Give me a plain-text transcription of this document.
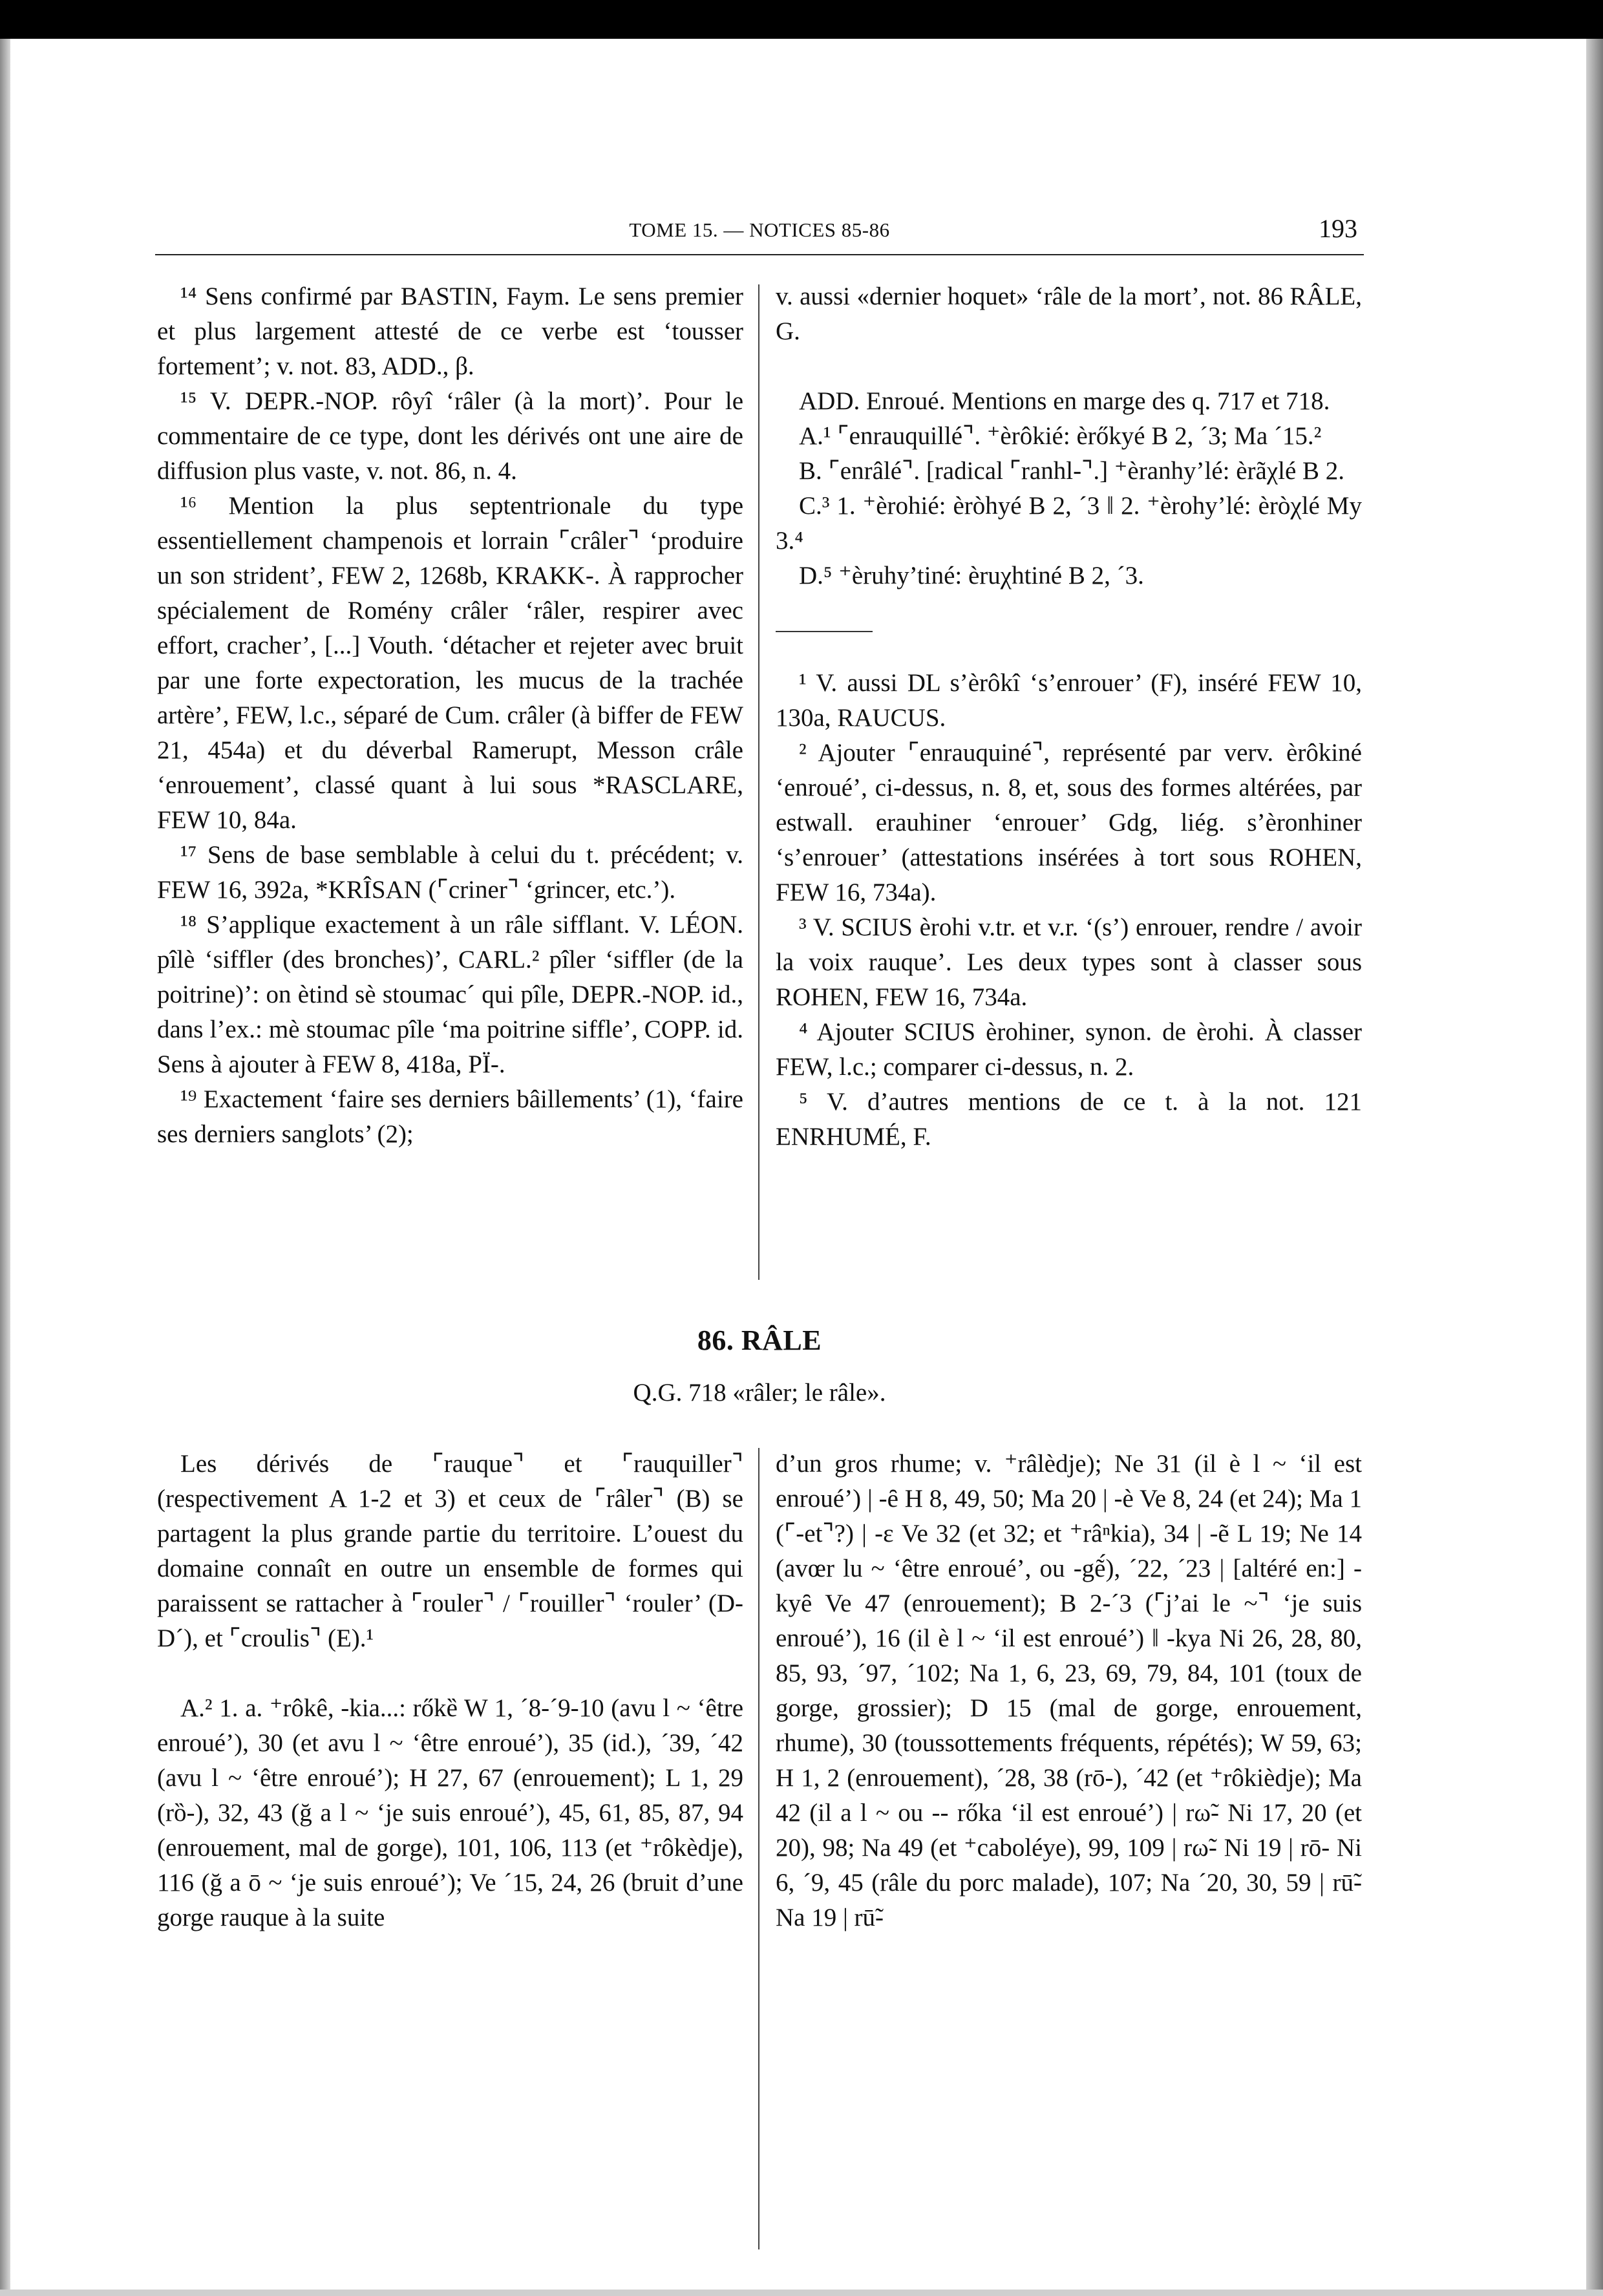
TOME 15. — NOTICES 85-86	193

¹⁴ Sens confirmé par BASTIN, Faym. Le sens premier et plus largement attesté de ce verbe est ‘tousser fortement’; v. not. 83, ADD., β.

¹⁵ V. DEPR.-NOP. rôyî ‘râler (à la mort)’. Pour le commentaire de ce type, dont les dérivés ont une aire de diffusion plus vaste, v. not. 86, n. 4.

¹⁶ Mention la plus septentrionale du type essentiellement champenois et lorrain ⌜crâler⌝ ‘produire un son strident’, FEW 2, 1268b, KRAKK-. À rapprocher spécialement de Romény crâler ‘râler, respirer avec effort, cracher’, [...] Vouth. ‘détacher et rejeter avec bruit par une forte expectoration, les mucus de la trachée artère’, FEW, l.c., séparé de Cum. crâler (à biffer de FEW 21, 454a) et du déverbal Ramerupt, Messon crâle ‘enrouement’, classé quant à lui sous *RASCLARE, FEW 10, 84a.

¹⁷ Sens de base semblable à celui du t. précédent; v. FEW 16, 392a, *KRÎSAN (⌜criner⌝ ‘grincer, etc.’).

¹⁸ S’applique exactement à un râle sifflant. V. LÉON. pîlè ‘siffler (des bronches)’, CARL.² pîler ‘siffler (de la poitrine)’: on ètind sè stoumac´ qui pîle, DEPR.-NOP. id., dans l’ex.: mè stoumac pîle ‘ma poitrine siffle’, COPP. id. Sens à ajouter à FEW 8, 418a, PÏ-.

¹⁹ Exactement ‘faire ses derniers bâillements’ (1), ‘faire ses derniers sanglots’ (2);

v. aussi «dernier hoquet» ‘râle de la mort’, not. 86 RÂLE, G.

ADD. Enroué. Mentions en marge des q. 717 et 718.

A.¹ ⌜enrauquillé⌝. ⁺èrôkié: èrőkyé B 2, ´3; Ma ´15.²

B. ⌜enrâlé⌝. [radical ⌜ranhl-⌝.] ⁺èranhy’lé: èrãχlé B 2.

C.³ 1. ⁺èrohié: èròhyé B 2, ´3 ‖ 2. ⁺èrohy’lé: èròχlé My 3.⁴

D.⁵ ⁺èruhy’tiné: èruχhtiné B 2, ´3.

¹ V. aussi DL s’èrôkî ‘s’enrouer’ (F), inséré FEW 10, 130a, RAUCUS.

² Ajouter ⌜enrauquiné⌝, représenté par verv. èrôkiné ‘enroué’, ci-dessus, n. 8, et, sous des formes altérées, par estwall. erauhiner ‘enrouer’ Gdg, liég. s’èronhiner ‘s’enrouer’ (attestations insérées à tort sous ROHEN, FEW 16, 734a).

³ V. SCIUS èrohi v.tr. et v.r. ‘(s’) enrouer, rendre / avoir la voix rauque’. Les deux types sont à classer sous ROHEN, FEW 16, 734a.

⁴ Ajouter SCIUS èrohiner, synon. de èrohi. À classer FEW, l.c.; comparer ci-dessus, n. 2.

⁵ V. d’autres mentions de ce t. à la not. 121 ENRHUMÉ, F.

86. RÂLE
Q.G. 718 «râler; le râle».

Les dérivés de ⌜rauque⌝ et ⌜rauquiller⌝ (respectivement A 1-2 et 3) et ceux de ⌜râler⌝ (B) se partagent la plus grande partie du territoire. L’ouest du domaine connaît en outre un ensemble de formes qui paraissent se rattacher à ⌜rouler⌝ / ⌜rouiller⌝ ‘rouler’ (D-D´), et ⌜croulis⌝ (E).¹

A.² 1. a. ⁺rôkê, -kia...: rőkȅ W 1, ´8-´9-10 (avu l ~ ‘être enroué’), 30 (et avu l ~ ‘être enroué’), 35 (id.), ´39, ´42 (avu l ~ ‘être enroué’); H 27, 67 (enrouement); L 1, 29 (rȍ-), 32, 43 (ğ a l ~ ‘je suis enroué’), 45, 61, 85, 87, 94 (enrouement, mal de gorge), 101, 106, 113 (et ⁺rôkèdje), 116 (ğ a ō ~ ‘je suis enroué’); Ve ´15, 24, 26 (bruit d’une gorge rauque à la suite

d’un gros rhume; v. ⁺râlèdje); Ne 31 (il è l ~ ‘il est enroué’) | -ȇ H 8, 49, 50; Ma 20 | -è Ve 8, 24 (et 24); Ma 1 (⌜-et⌝?) | -ε Ve 32 (et 32; et ⁺râⁿkia), 34 | -ẽ L 19; Ne 14 (avœr lu ~ ‘être enroué’, ou -gẽ́), ´22, ´23 | [altéré en:] -kyȇ Ve 47 (enrouement); B 2-´3 (⌜j’ai le ~⌝ ‘je suis enroué’), 16 (il è l ~ ‘il est enroué’) ‖ -kya Ni 26, 28, 80, 85, 93, ´97, ´102; Na 1, 6, 23, 69, 79, 84, 101 (toux de gorge, grossier); D 15 (mal de gorge, enrouement, rhume), 30 (toussottements fréquents, répétés); W 59, 63; H 1, 2 (enrouement), ´28, 38 (rō-), ´42 (et ⁺rôkièdje); Ma 42 (il a l ~ ou -- rőka ‘il est enroué’) | rω̃- Ni 17, 20 (et 20), 98; Na 49 (et ⁺caboléye), 99, 109 | rω̃- Ni 19 | rō- Ni 6, ´9, 45 (râle du porc malade), 107; Na ´20, 30, 59 | rū̃- Na 19 | rū̃-
